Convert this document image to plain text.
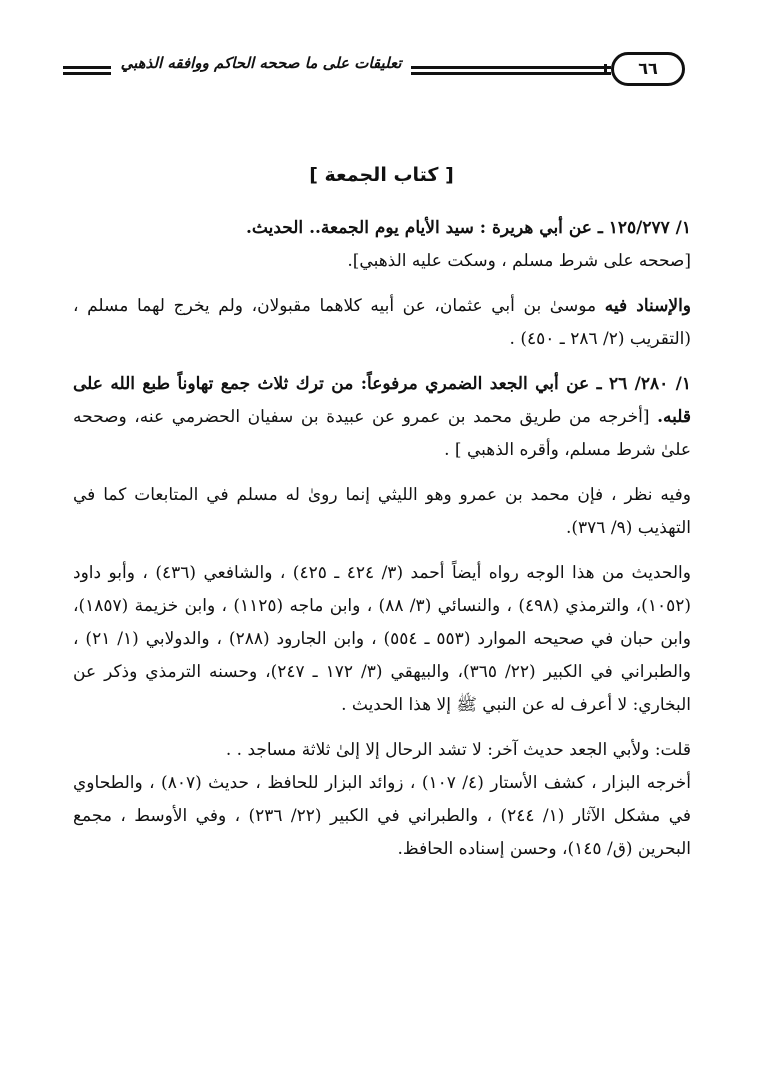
تعليقات على ما صححه الحاكم ووافقه الذهبي	٦٦
[ كتاب الجمعة ]

١/ ١٢٥/٢٧٧ ـ عن أبي هريرة : سيد الأيام يوم الجمعة.. الحديث.
[صححه على شرط مسلم ، وسكت عليه الذهبي].

والإسناد فيه موسىٰ بن أبي عثمان، عن أبيه كلاهما مقبولان، ولم يخرج لهما مسلم ، (التقريب (٢/ ٢٨٦ ـ ٤٥٠) .

١/ ٢٨٠/ ٢٦ ـ عن أبي الجعد الضمري مرفوعاً: من ترك ثلاث جمع تهاوناً طبع الله على قلبه. [أخرجه من طريق محمد بن عمرو عن عبيدة بن سفيان الحضرمي عنه، وصححه علىٰ شرط مسلم، وأقره الذهبي ] .

وفيه نظر ، فإن محمد بن عمرو وهو الليثي إنما روىٰ له مسلم في المتابعات كما في التهذيب (٩/ ٣٧٦).

والحديث من هذا الوجه رواه أيضاً أحمد (٣/ ٤٢٤ ـ ٤٢٥) ، والشافعي (٤٣٦) ، وأبو داود (١٠٥٢)، والترمذي (٤٩٨) ، والنسائي (٣/ ٨٨) ، وابن ماجه (١١٢٥) ، وابن خزيمة (١٨٥٧)، وابن حبان في صحيحه الموارد (٥٥٣ ـ ٥٥٤) ، وابن الجارود (٢٨٨) ، والدولابي (١/ ٢١) ، والطبراني في الكبير (٢٢/ ٣٦٥)، والبيهقي (٣/ ١٧٢ ـ ٢٤٧)، وحسنه الترمذي وذكر عن البخاري: لا أعرف له عن النبي ﷺ إلا هذا الحديث .

قلت: ولأبي الجعد حديث آخر: لا تشد الرحال إلا إلىٰ ثلاثة مساجد . .
أخرجه البزار ، كشف الأستار (٤/ ١٠٧) ، زوائد البزار للحافظ ، حديث (٨٠٧) ، والطحاوي في مشكل الآثار (١/ ٢٤٤) ، والطبراني في الكبير (٢٢/ ٢٣٦) ، وفي الأوسط ، مجمع البحرين (ق/ ١٤٥)، وحسن إسناده الحافظ.
